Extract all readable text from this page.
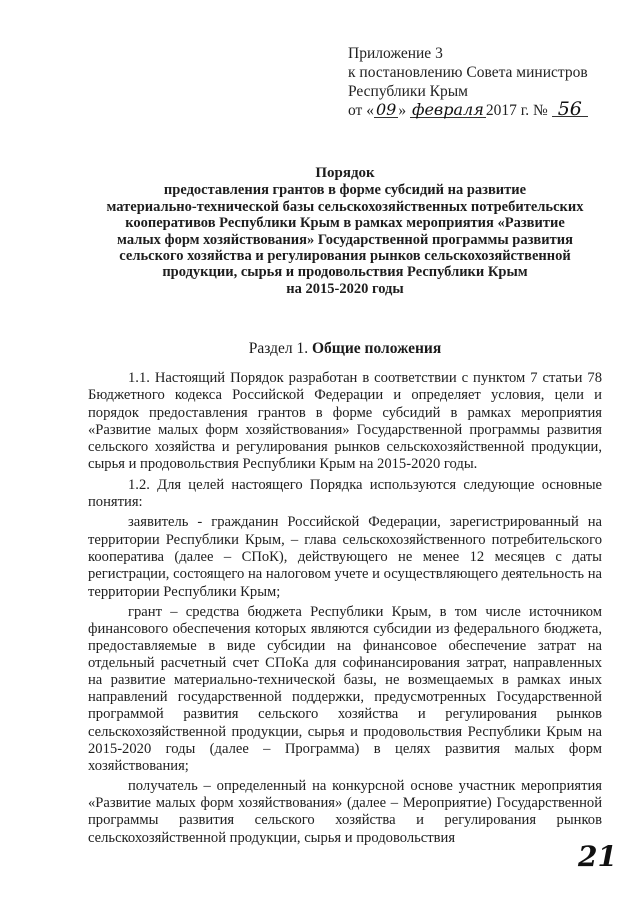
Приложение 3
к постановлению Совета министров
Республики Крым
от « 09 » февраля 2017 г. № 56
Порядок
предоставления грантов в форме субсидий на развитие
материально-технической базы сельскохозяйственных потребительских
кооперативов Республики Крым в рамках мероприятия «Развитие
малых форм хозяйствования» Государственной программы развития
сельского хозяйства и регулирования рынков сельскохозяйственной
продукции, сырья и продовольствия Республики Крым
на 2015-2020 годы
Раздел 1. Общие положения

1.1. Настоящий Порядок разработан в соответствии с пунктом 7 статьи 78 Бюджетного кодекса Российской Федерации и определяет условия, цели и порядок предоставления грантов в форме субсидий в рамках мероприятия «Развитие малых форм хозяйствования» Государственной программы развития сельского хозяйства и регулирования рынков сельскохозяйственной продукции, сырья и продовольствия Республики Крым на 2015-2020 годы.

1.2. Для целей настоящего Порядка используются следующие основные понятия:

заявитель - гражданин Российской Федерации, зарегистрированный на территории Республики Крым, – глава сельскохозяйственного потребительского кооператива (далее – СПоК), действующего не менее 12 месяцев с даты регистрации, состоящего на налоговом учете и осуществляющего деятельность на территории Республики Крым;

грант – средства бюджета Республики Крым, в том числе источником финансового обеспечения которых являются субсидии из федерального бюджета, предоставляемые в виде субсидии на финансовое обеспечение затрат на отдельный расчетный счет СПоКа для софинансирования затрат, направленных на развитие материально-технической базы, не возмещаемых в рамках иных направлений государственной поддержки, предусмотренных Государственной программой развития сельского хозяйства и регулирования рынков сельскохозяйственной продукции, сырья и продовольствия Республики Крым на 2015-2020 годы (далее – Программа) в целях развития малых форм хозяйствования;

получатель – определенный на конкурсной основе участник мероприятия «Развитие малых форм хозяйствования» (далее – Мероприятие) Государственной программы развития сельского хозяйства и регулирования рынков сельскохозяйственной продукции, сырья и продовольствия

21
